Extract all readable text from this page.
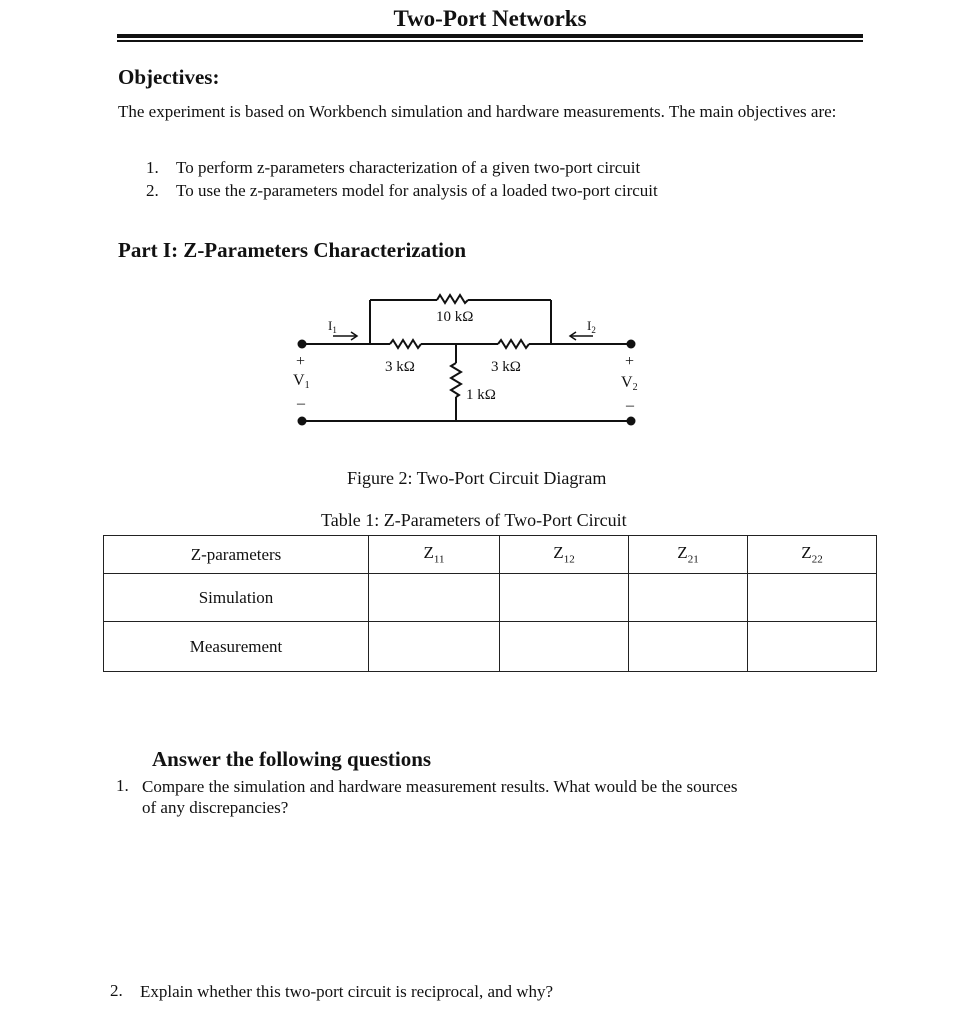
Two-Port Networks
Objectives:
The experiment is based on Workbench simulation and hardware measurements. The main objectives are:
1. To perform z-parameters characterization of a given two-port circuit
2. To use the z-parameters model for analysis of a loaded two-port circuit
Part I: Z-Parameters Characterization
10 kΩ
3 kΩ	3 kΩ
1 kΩ
$I_1$	$I_2$
+
V1
–
+
V2
–
Figure 2: Two-Port Circuit Diagram
Table 1: Z-Parameters of Two-Port Circuit
Z-parameters	$Z_{11}$	$Z_{12}$	$Z_{21}$	$Z_{22}$
Simulation				
Measurement				
Answer the following questions
1. Compare the simulation and hardware measurement results. What would be the sources
of any discrepancies?
2. Explain whether this two-port circuit is reciprocal, and why?
